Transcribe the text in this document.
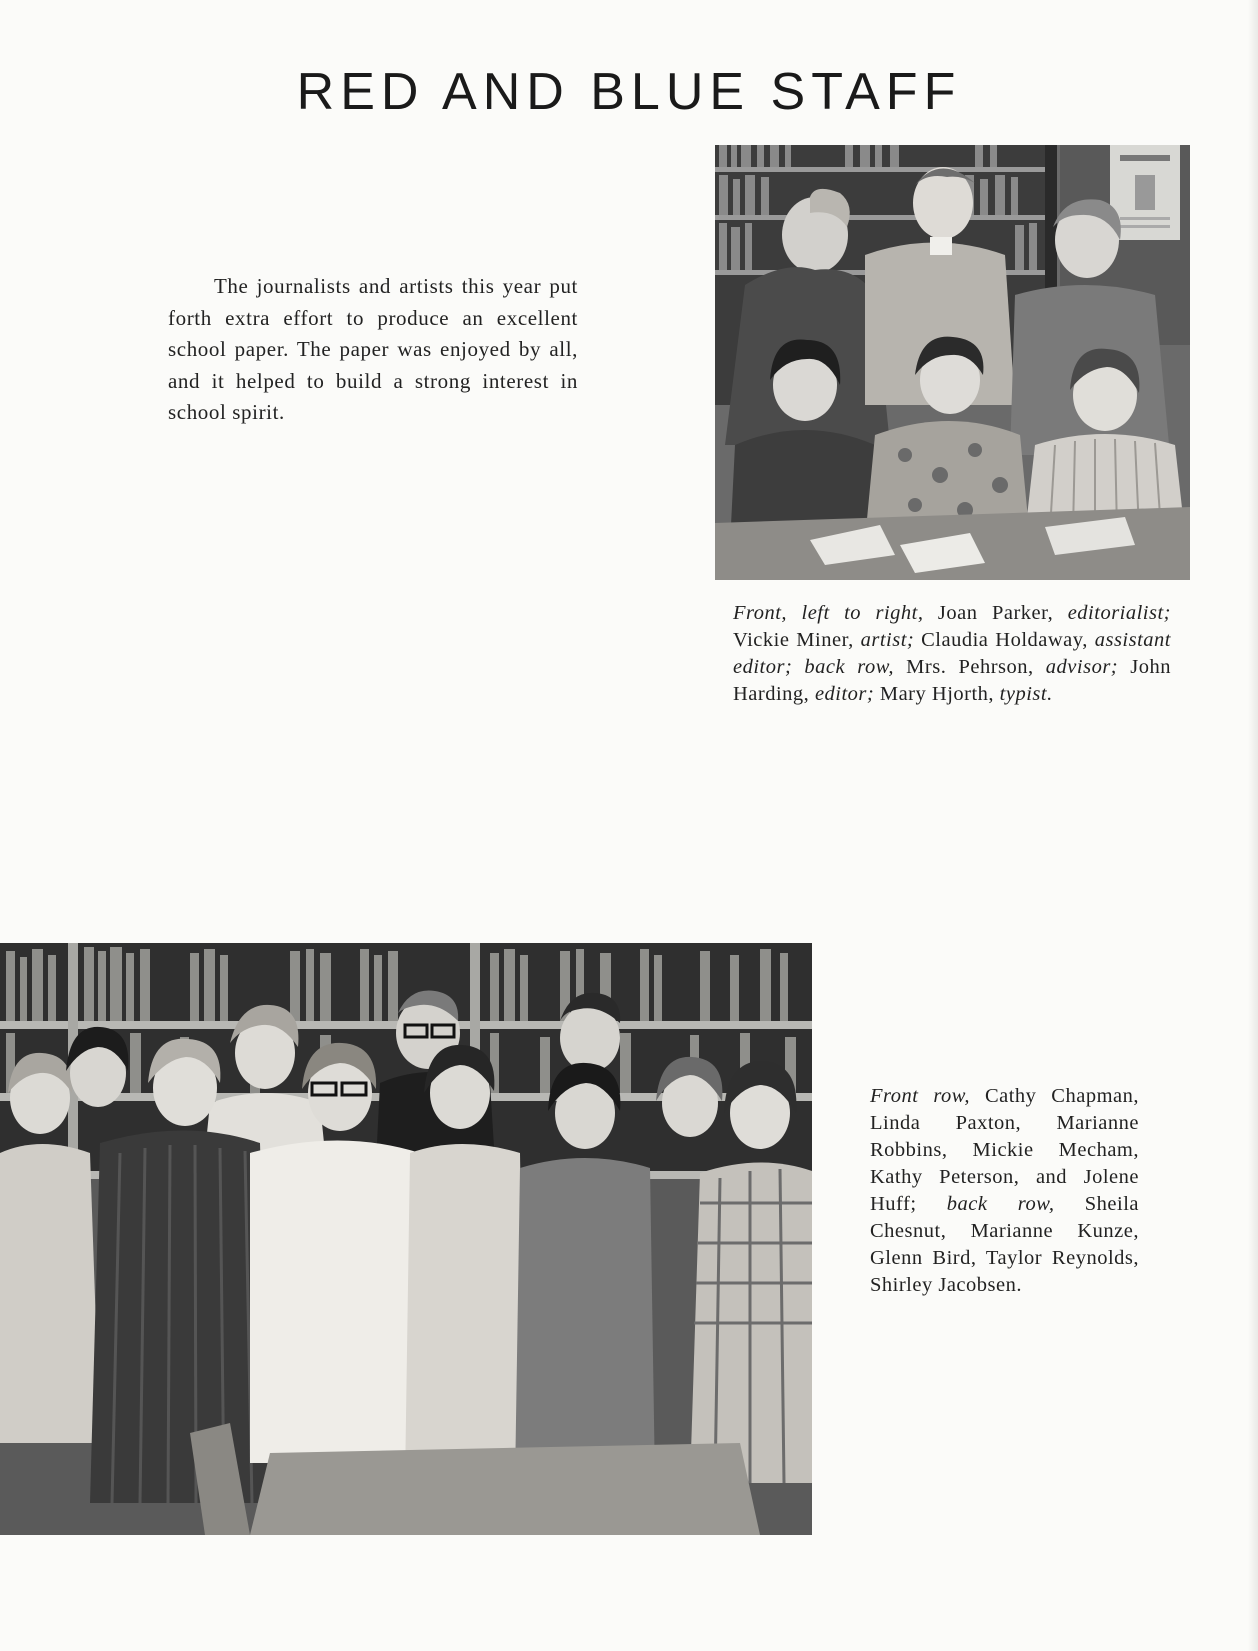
RED AND BLUE STAFF

The journalists and artists this year put forth extra effort to produce an excellent school paper. The paper was enjoyed by all, and it helped to build a strong interest in school spirit.

Front, left to right, Joan Parker, editorialist; Vickie Miner, artist; Claudia Holdaway, assistant editor; back row, Mrs. Pehrson, advisor; John Harding, editor; Mary Hjorth, typist.

Front row, Cathy Chapman, Linda Paxton, Marianne Robbins, Mickie Mecham, Kathy Peterson, and Jolene Huff; back row, Sheila Chesnut, Marianne Kunze, Glenn Bird, Taylor Reynolds, Shirley Jacobsen.
